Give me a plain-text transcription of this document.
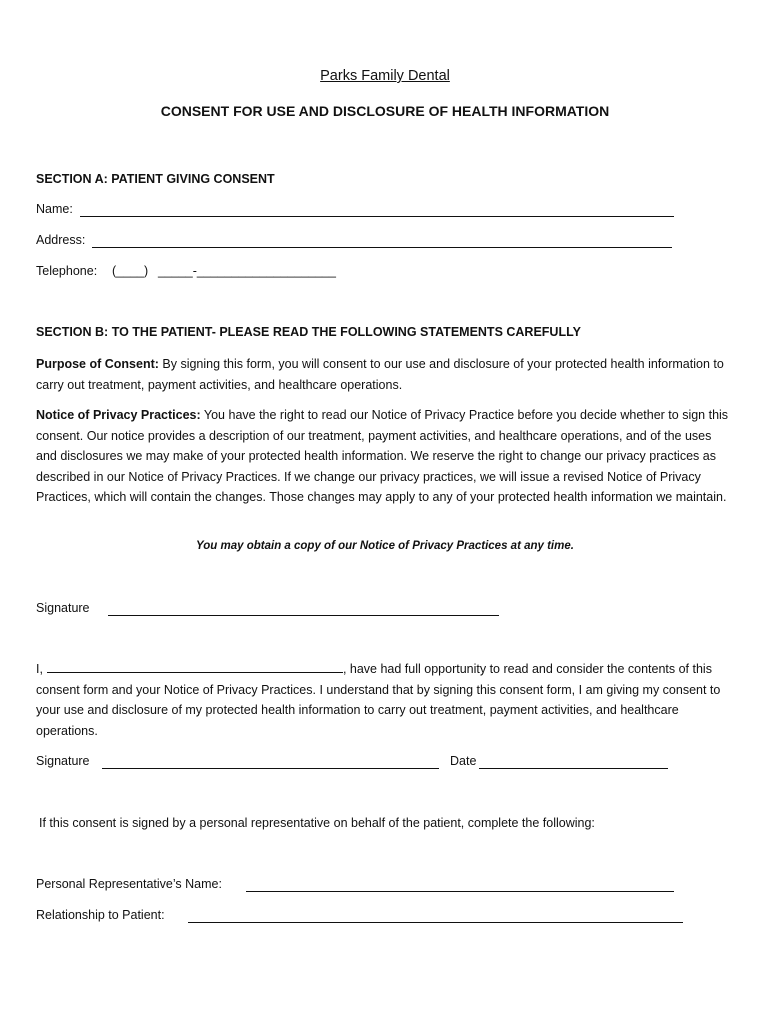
Parks Family Dental
CONSENT FOR USE AND DISCLOSURE OF HEALTH INFORMATION
SECTION A: PATIENT GIVING CONSENT
Name:
Address:
Telephone: (____) _____-____________________
SECTION B: TO THE PATIENT- PLEASE READ THE FOLLOWING STATEMENTS CAREFULLY
Purpose of Consent: By signing this form, you will consent to our use and disclosure of your protected health information to carry out treatment, payment activities, and healthcare operations.
Notice of Privacy Practices: You have the right to read our Notice of Privacy Practice before you decide whether to sign this consent. Our notice provides a description of our treatment, payment activities, and healthcare operations, and of the uses and disclosures we may make of your protected health information. We reserve the right to change our privacy practices as described in our Notice of Privacy Practices. If we change our privacy practices, we will issue a revised Notice of Privacy Practices, which will contain the changes. Those changes may apply to any of your protected health information we maintain.
You may obtain a copy of our Notice of Privacy Practices at any time.
Signature
I,	, have had full opportunity to read and consider the contents of this consent form and your Notice of Privacy Practices. I understand that by signing this consent form, I am giving my consent to your use and disclosure of my protected health information to carry out treatment, payment activities, and healthcare operations.
Signature	Date
If this consent is signed by a personal representative on behalf of the patient, complete the following:
Personal Representative’s Name:
Relationship to Patient:
